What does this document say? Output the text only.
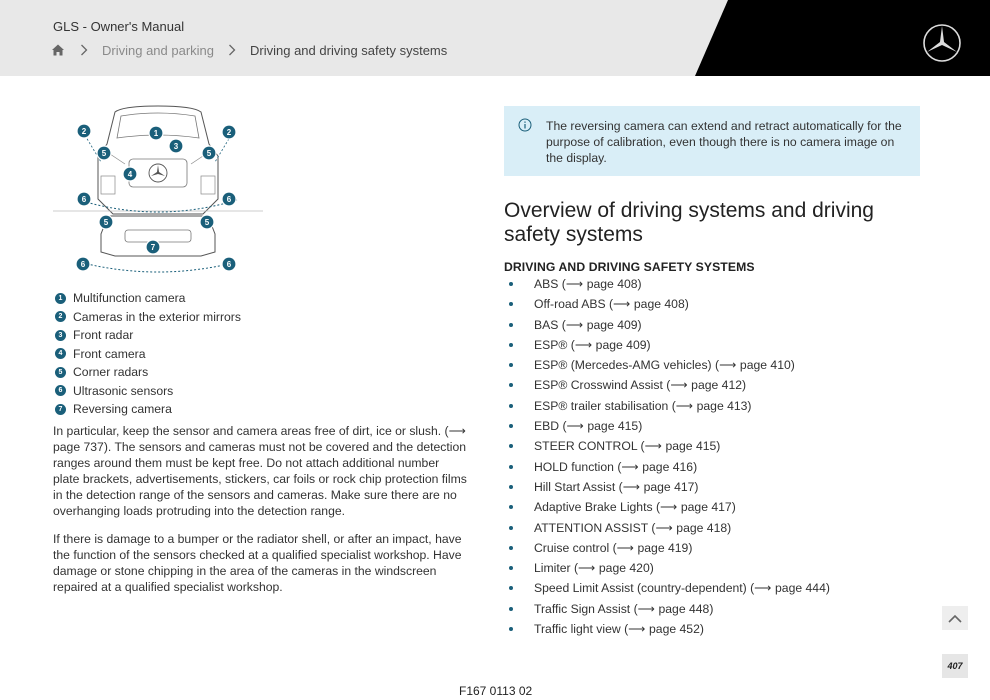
GLS - Owner's Manual
Driving and parking	Driving and driving safety systems
1
2	2
3
4
5	5
6	6
5	5
7
6	6
1 Multifunction camera
2 Cameras in the exterior mirrors
3 Front radar
4 Front camera
5 Corner radars
6 Ultrasonic sensors
7 Reversing camera

In particular, keep the sensor and camera areas free of dirt, ice or slush. (⟶ page 737). The sensors and cameras must not be covered and the detection ranges around them must be kept free. Do not attach additional number plate brackets, advertisements, stickers, car foils or rock chip protection films in the detection range of the sensors and cameras. Make sure there are no overhanging loads protruding into the detection range.

If there is damage to a bumper or the radiator shell, or after an impact, have the function of the sensors checked at a qualified specialist workshop. Have damage or stone chipping in the area of the cameras in the windscreen repaired at a qualified specialist workshop.

The reversing camera can extend and retract automatically for the purpose of calibration, even though there is no camera image on the display.
Overview of driving systems and driving safety systems
DRIVING AND DRIVING SAFETY SYSTEMS
ABS (⟶ page 408)
Off-road ABS (⟶ page 408)
BAS (⟶ page 409)
ESP® (⟶ page 409)
ESP® (Mercedes-AMG vehicles) (⟶ page 410)
ESP® Crosswind Assist (⟶ page 412)
ESP® trailer stabilisation (⟶ page 413)
EBD (⟶ page 415)
STEER CONTROL (⟶ page 415)
HOLD function (⟶ page 416)
Hill Start Assist (⟶ page 417)
Adaptive Brake Lights (⟶ page 417)
ATTENTION ASSIST (⟶ page 418)
Cruise control (⟶ page 419)
Limiter (⟶ page 420)
Speed Limit Assist (country-dependent) (⟶ page 444)
Traffic Sign Assist (⟶ page 448)
Traffic light view (⟶ page 452)
407
F167 0113 02
